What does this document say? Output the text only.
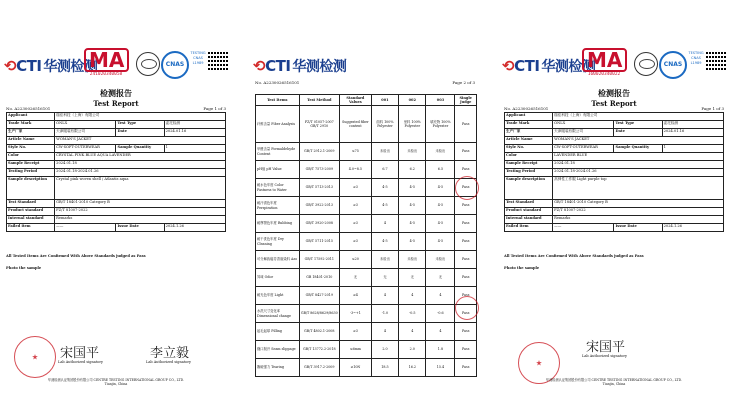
⟲CTI 华测检测
MA
241020340058
CNAS
TESTING CNAS L1989
检测报告
Test Report
No. A2230026516101	Page 1 of 3
Applicant	瑞佳科技（上海）有限公司		
Trade Mark	ONLX	Test Type	委托检测
生产厂家	天津服装有限公司	Date	2024.01.16
Article Name	WOMAN'S JACKET		
Style No.	CW-SOFT-OUTERWEAR	Sample Quantity	1
Color	CRYSTAL PINK BLUE AQUA LAVENDER		
Sample Receipt	2024.01.18		
Testing Period	2024.01.18-2024.01.26		
Sample description	Crystal pink woven shell / Atlantis aqua		
Test Standard	GB/T 18401-2010 Category B		
Product standard	FZ/T 81007-2022		
Internal standard	Remarks		
Failed item	——	Issue Date	2024.1.26
All Tested Items Are Confirmed With Above Standards judged as Pass
Photo the sample
宋国平	李立毅
Lab Authorized signatory	Lab Authorized signatory
华测检测认证集团股份有限公司 CENTRE TESTING INTERNATIONAL GROUP CO., LTD.
Tianjin, China
⟲CTI 华测检测
No. A2230026516101	Page 2 of 3
Test Items	Test Method	Standard Values	001	002	003	Single Judge
纤维含量 Fiber Analysis	FZ/T 01057-2007 GB/T 2910	Suggested fiber content	面料 100% Polyester	里料 100% Polyester	填充物 100% Polyester	Pass
甲醛含量 Formaldehyde Content	GB/T 2912.1-2009	≤75	未检出	未检出	未检出	Pass
pH值 pH Value	GB/T 7573-2009	4.0~8.5	6.7	6.2	6.5	Pass
耐水色牢度 Color Fastness to Water	GB/T 5713-2013	≥3	4-5	4-5	4-5	Pass
耐汗渍色牢度 Perspiration	GB/T 3922-2013	≥3	4-5	4-5	4-5	Pass
耐摩擦色牢度 Rubbing	GB/T 3920-2008	≥3	4	4-5	4-5	Pass
耐干洗色牢度 Dry Cleaning	GB/T 5711-2015	≥3	4-5	4-5	4-5	Pass
可分解致癌芳香胺染料 Azo	GB/T 17592-2011	≤20	未检出	未检出	未检出	Pass
异味 Odor	GB 18401-2010	无	无	无	无	Pass
耐光色牢度 Light	GB/T 8427-2019	≥4	4	4	4	Pass
水洗尺寸变化率 Dimensional change	GB/T 8628/8629/8630	-3~+1	-1.0	-0.5	-0.6	Pass
起毛起球 Pilling	GB/T 4802.1-2008	≥3	4	4	4	Pass
缝口脱开 Seam slippage	GB/T 13772.2-2018	≤6mm	2.0	2.0	1.8	Pass
撕破强力 Tearing	GB/T 3917.2-2009	≥10N	18.5	16.2	15.4	Pass
⟲CTI 华测检测
MA
160020340022
CNAS
TESTING CNAS L1989
检测报告
Test Report
No. A2230026516101	Page 1 of 3
Applicant	瑞佳科技（上海）有限公司		
Trade Mark	ONLX	Test Type	委托检测
生产厂家	天津服装有限公司	Date	2024.01.16
Article Name	WOMAN'S JACKET		
Style No.	CW-SOFT-OUTERWEAR	Sample Quantity	1
Color	LAVENDER BLUE		
Sample Receipt	2024.01.18		
Testing Period	2024.01.18-2024.01.26		
Sample description	高弹性工作服 Light purple top		
Test Standard	GB/T 18401-2010 Category B		
Product standard	FZ/T 81007-2022		
Internal standard	Remarks		
Failed item	——	Issue Date	2024.1.26
All Tested Items Are Confirmed With Above Standards judged as Pass
Photo the sample
宋国平
Lab Authorized signatory
华测检测认证集团股份有限公司 CENTRE TESTING INTERNATIONAL GROUP CO., LTD.
Tianjin, China
